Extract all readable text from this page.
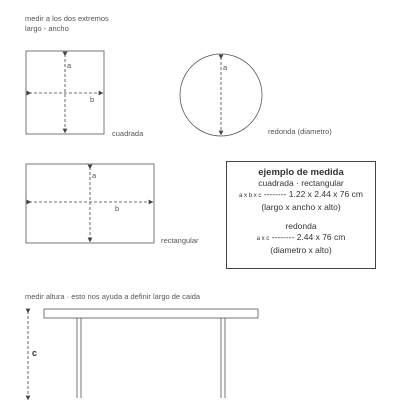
medir a los dos extremos
largo - ancho
a
b
a
a
b
cuadrada	redonda (diametro)
rectangular
ejemplo de medida
cuadrada · rectangular
a x b x c -------- 1.22 x 2.44 x 76 cm
(largo x ancho x alto)
redonda
a x c -------- 2.44 x 76 cm
(diametro x alto)
medir altura · esto nos ayuda a definir largo de caida
c
